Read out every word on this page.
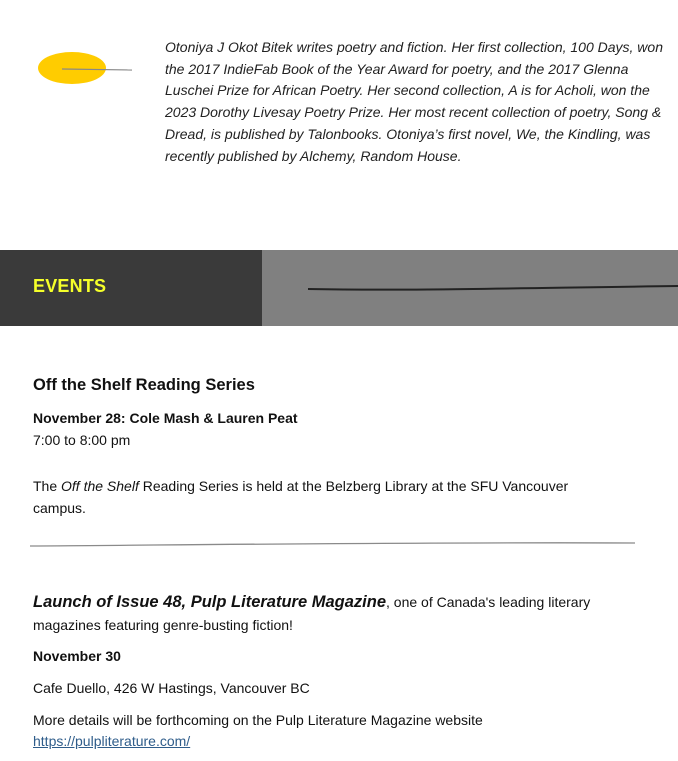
Otoniya J Okot Bitek writes poetry and fiction. Her first collection, 100 Days, won the 2017 IndieFab Book of the Year Award for poetry, and the 2017 Glenna Luschei Prize for African Poetry. Her second collection, A is for Acholi, won the 2023 Dorothy Livesay Poetry Prize. Her most recent collection of poetry, Song & Dread, is published by Talonbooks. Otoniya’s first novel, We, the Kindling, was recently published by Alchemy, Random House.

EVENTS
Off the Shelf Reading Series
November 28: Cole Mash & Lauren Peat
7:00 to 8:00 pm
The Off the Shelf Reading Series is held at the Belzberg Library at the SFU Vancouver campus.
Launch of Issue 48, Pulp Literature Magazine, one of Canada's leading literary magazines featuring genre-busting fiction!
November 30
Cafe Duello, 426 W Hastings, Vancouver BC
More details will be forthcoming on the Pulp Literature Magazine website
https://pulpliterature.com/
